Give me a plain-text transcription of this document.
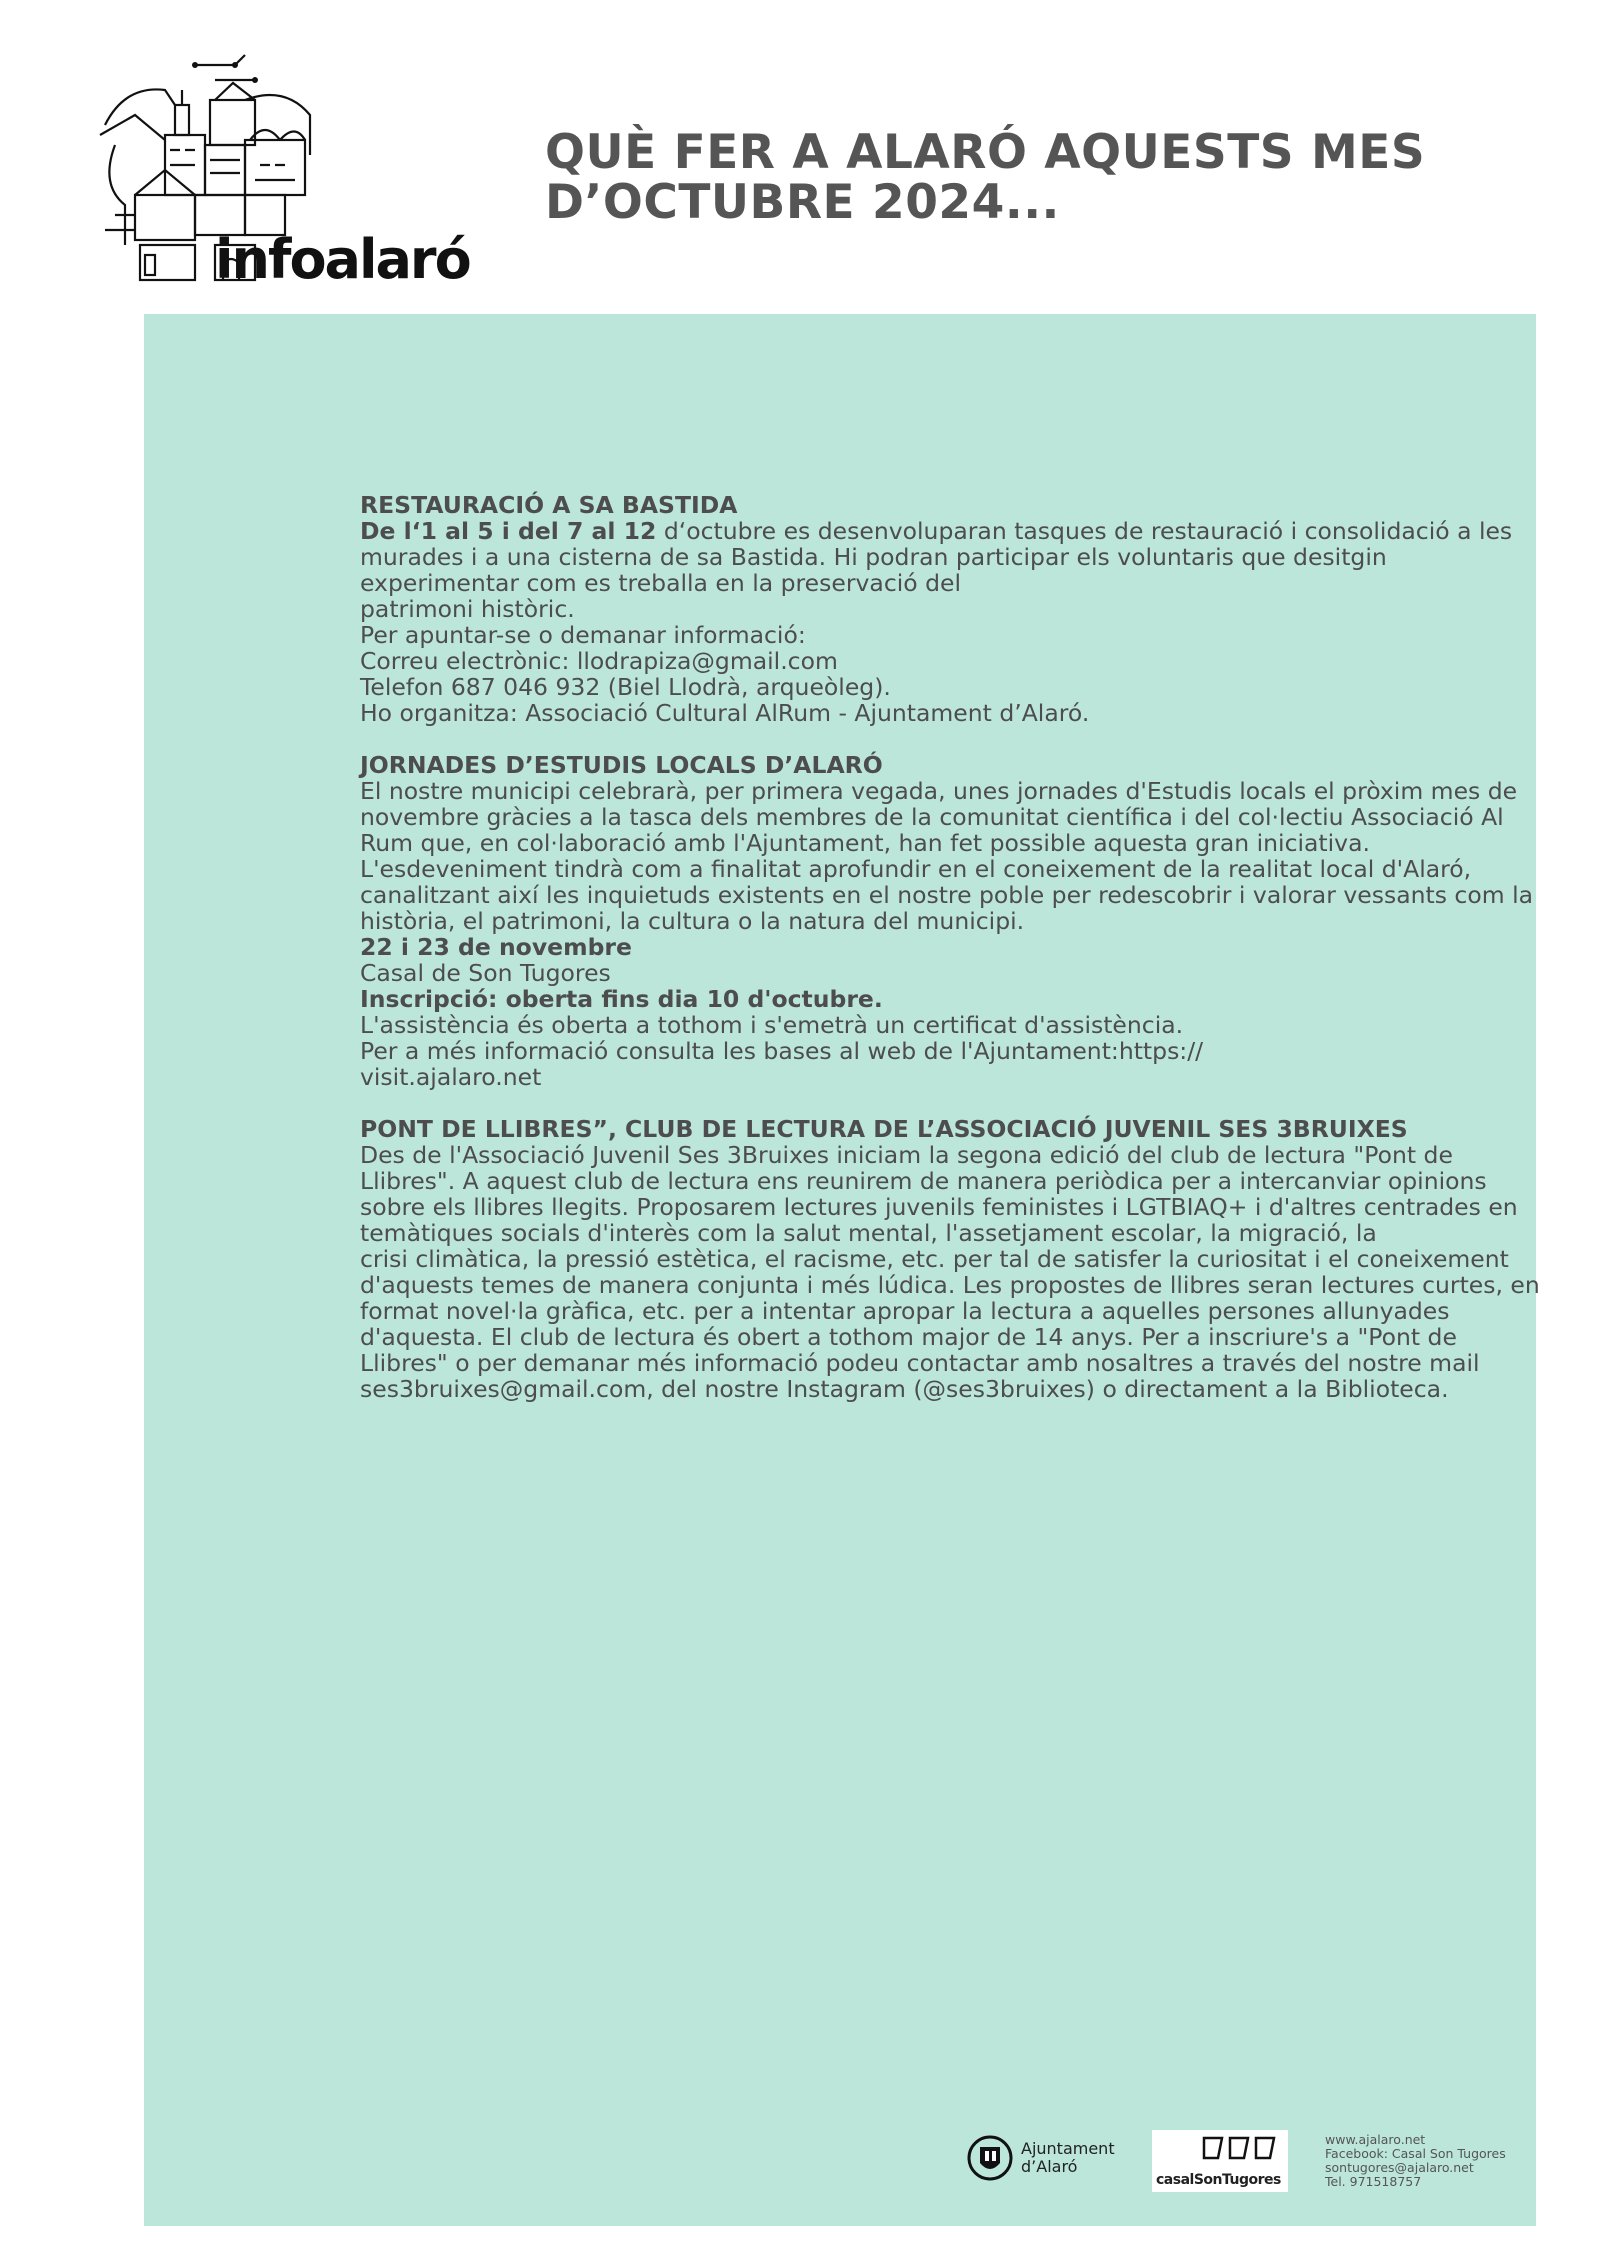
infoalaró
QUÈ FER A ALARÓ AQUESTS MES
D’OCTUBRE 2024...
RESTAURACIÓ A SA BASTIDA

De l‘1 al 5 i del 7 al 12 d‘octubre es desenvoluparan tasques de restauració i consolidació a les murades i a una cisterna de sa Bastida. Hi podran participar els voluntaris que desitgin experimentar com es treballa en la preservació del

patrimoni històric.

Per apuntar-se o demanar informació:

Correu electrònic: llodrapiza@gmail.com

Telefon 687 046 932 (Biel Llodrà, arqueòleg).

Ho organitza: Associació Cultural AlRum - Ajuntament d’Alaró.

JORNADES D’ESTUDIS LOCALS D’ALARÓ

El nostre municipi celebrarà, per primera vegada, unes jornades d'Estudis locals el pròxim mes de novembre gràcies a la tasca dels membres de la comunitat científica i del col·lectiu Associació Al Rum que, en col·laboració amb l'Ajuntament, han fet possible aquesta gran iniciativa.

L'esdeveniment tindrà com a finalitat aprofundir en el coneixement de la realitat local d'Alaró, canalitzant així les inquietuds existents en el nostre poble per redescobrir i valorar vessants com la història, el patrimoni, la cultura o la natura del municipi.

22 i 23 de novembre

Casal de Son Tugores

Inscripció: oberta fins dia 10 d'octubre.

L'assistència és oberta a tothom i s'emetrà un certificat d'assistència.

Per a més informació consulta les bases al web de l'Ajuntament:https://

visit.ajalaro.net

PONT DE LLIBRES”, CLUB DE LECTURA DE L’ASSOCIACIÓ JUVENIL SES 3BRUIXES

Des de l'Associació Juvenil Ses 3Bruixes iniciam la segona edició del club de lectura "Pont de Llibres". A aquest club de lectura ens reunirem de manera periòdica per a intercanviar opinions sobre els llibres llegits. Proposarem lectures juvenils feministes i LGTBIAQ+ i d'altres centrades en temàtiques socials d'interès com la salut mental, l'assetjament escolar, la migració, la

crisi climàtica, la pressió estètica, el racisme, etc. per tal de satisfer la curiositat i el coneixement d'aquests temes de manera conjunta i més lúdica. Les propostes de llibres seran lectures curtes, en format novel·la gràfica, etc. per a intentar apropar la lectura a aquelles persones allunyades d'aquesta. El club de lectura és obert a tothom major de 14 anys. Per a inscriure's a "Pont de Llibres" o per demanar més informació podeu contactar amb nosaltres a través del nostre mail ses3bruixes@gmail.com, del nostre Instagram (@ses3bruixes) o directament a la Biblioteca.

Ajuntament
d’Alaró
casalSonTugores
www.ajalaro.net
Facebook: Casal Son Tugores
sontugores@ajalaro.net
Tel. 971518757
